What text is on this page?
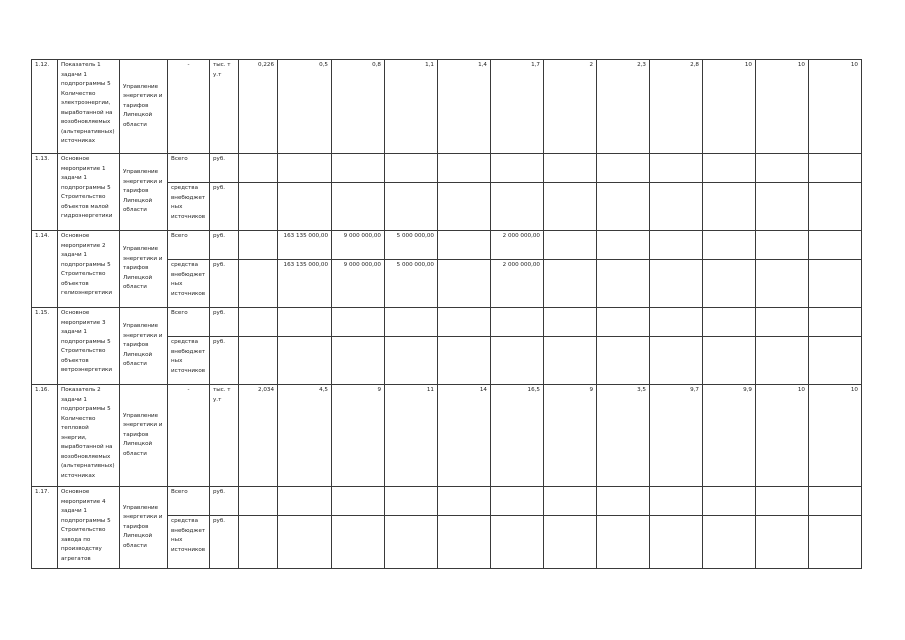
1.12.	Показатель 1 задачи 1 подпрограммы 5 Количество электроэнергии, выработанной на возобновляемых (альтернативных) источниках	Управление энергетики и тарифов Липецкой области	-	тыс. т у.т	0,226	0,5	0,8	1,1	1,4	1,7	2	2,3	2,8	10	10	10
1.13.	Основное мероприятие 1 задачи 1 подпрограммы 5 Строительство объектов малой гидроэнергетики	Управление энергетики и тарифов Липецкой области	Всего	руб.												
			средства внебюджетных источников	руб.												
1.14.	Основное мероприятие 2 задачи 1 подпрограммы 5 Строительство объектов гелиоэнергетики	Управление энергетики и тарифов Липецкой области	Всего	руб.		163 135 000,00	9 000 000,00	5 000 000,00		2 000 000,00						
			средства внебюджетных источников	руб.		163 135 000,00	9 000 000,00	5 000 000,00		2 000 000,00						
1.15.	Основное мероприятие 3 задачи 1 подпрограммы 5 Строительство объектов ветроэнергетики	Управление энергетики и тарифов Липецкой области	Всего	руб.												
			средства внебюджетных источников	руб.												
1.16.	Показатель 2 задачи 1 подпрограммы 5 Количество тепловой энергии, выработанной на возобновляемых (альтернативных) источниках	Управление энергетики и тарифов Липецкой области	-	тыс. т у.т	2,034	4,5	9	11	14	16,5	9	3,5	9,7	9,9	10	10
1.17.	Основное мероприятие 4 задачи 1 подпрограммы 5 Строительство завода по производству агрегатов	Управление энергетики и тарифов Липецкой области	Всего	руб.												
			средства внебюджетных источников	руб.												
